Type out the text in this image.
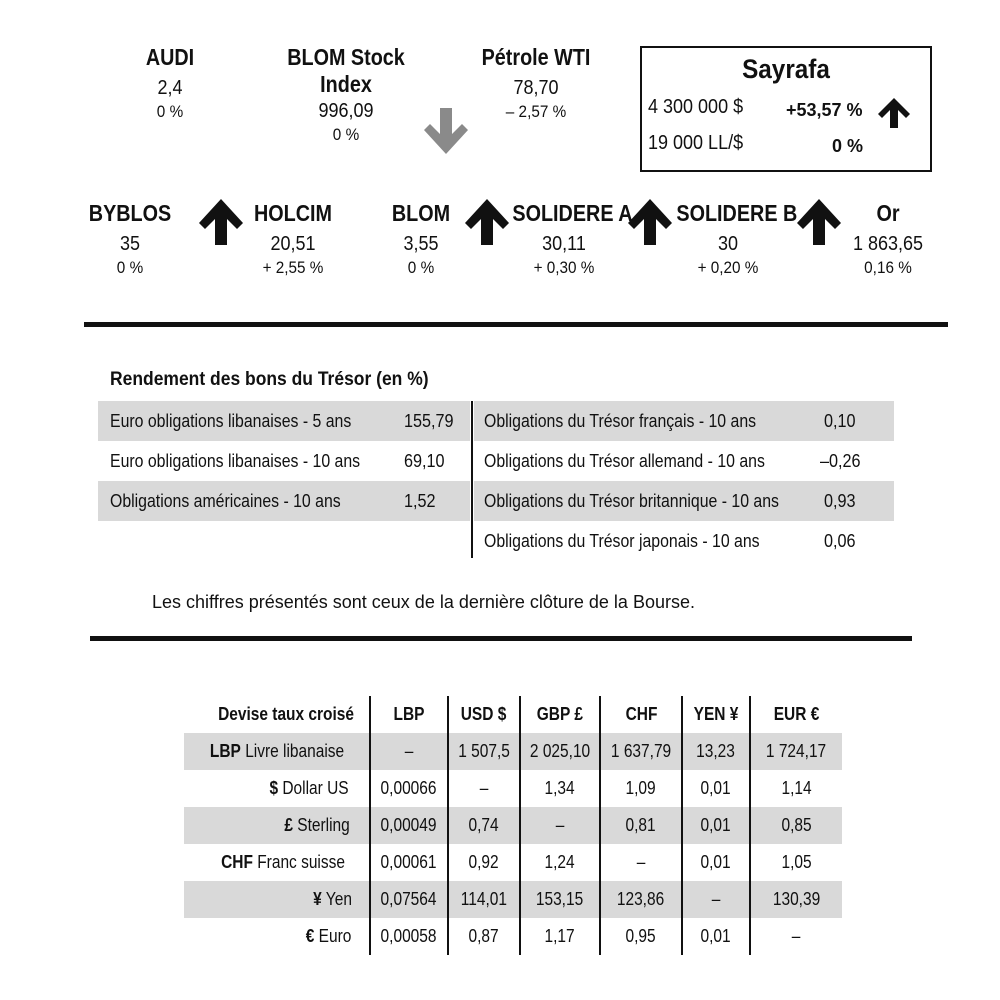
AUDI
2,4
0 %
BLOM Stock
Index
996,09
0 %
Pétrole WTI
78,70
– 2,57 %
Sayrafa
4 300 000 $ +53,57 %
19 000 LL/$	0 %
BYBLOS
35
0 %
HOLCIM
20,51
+ 2,55 %
BLOM
3,55
0 %
SOLIDERE A
30,11
+ 0,30 %
SOLIDERE B
30
+ 0,20 %
Or
1 863,65
0,16 %
Rendement des bons du Trésor (en %)
Euro obligations libanaises - 5 ans	155,79
Euro obligations libanaises - 10 ans 69,10
Obligations américaines - 10 ans	1,52
Obligations du Trésor français - 10 ans	0,10
Obligations du Trésor allemand - 10 ans	–0,26
Obligations du Trésor britannique - 10 ans	0,93
Obligations du Trésor japonais - 10 ans	0,06
Les chiffres présentés sont ceux de la dernière clôture de la Bourse.
Devise taux croisé	LBP	USD $	GBP £	CHF	YEN ¥	EUR €
LBP Livre libanaise	–	1 507,5	2 025,10	1 637,79	13,23	1 724,17
$ Dollar US	0,00066	–	1,34	1,09	0,01	1,14
£ Sterling	0,00049	0,74	–	0,81	0,01	0,85
CHF Franc suisse	0,00061	0,92	1,24	–	0,01	1,05
¥ Yen	0,07564	114,01	153,15	123,86	–	130,39
€ Euro	0,00058	0,87	1,17	0,95	0,01	–
